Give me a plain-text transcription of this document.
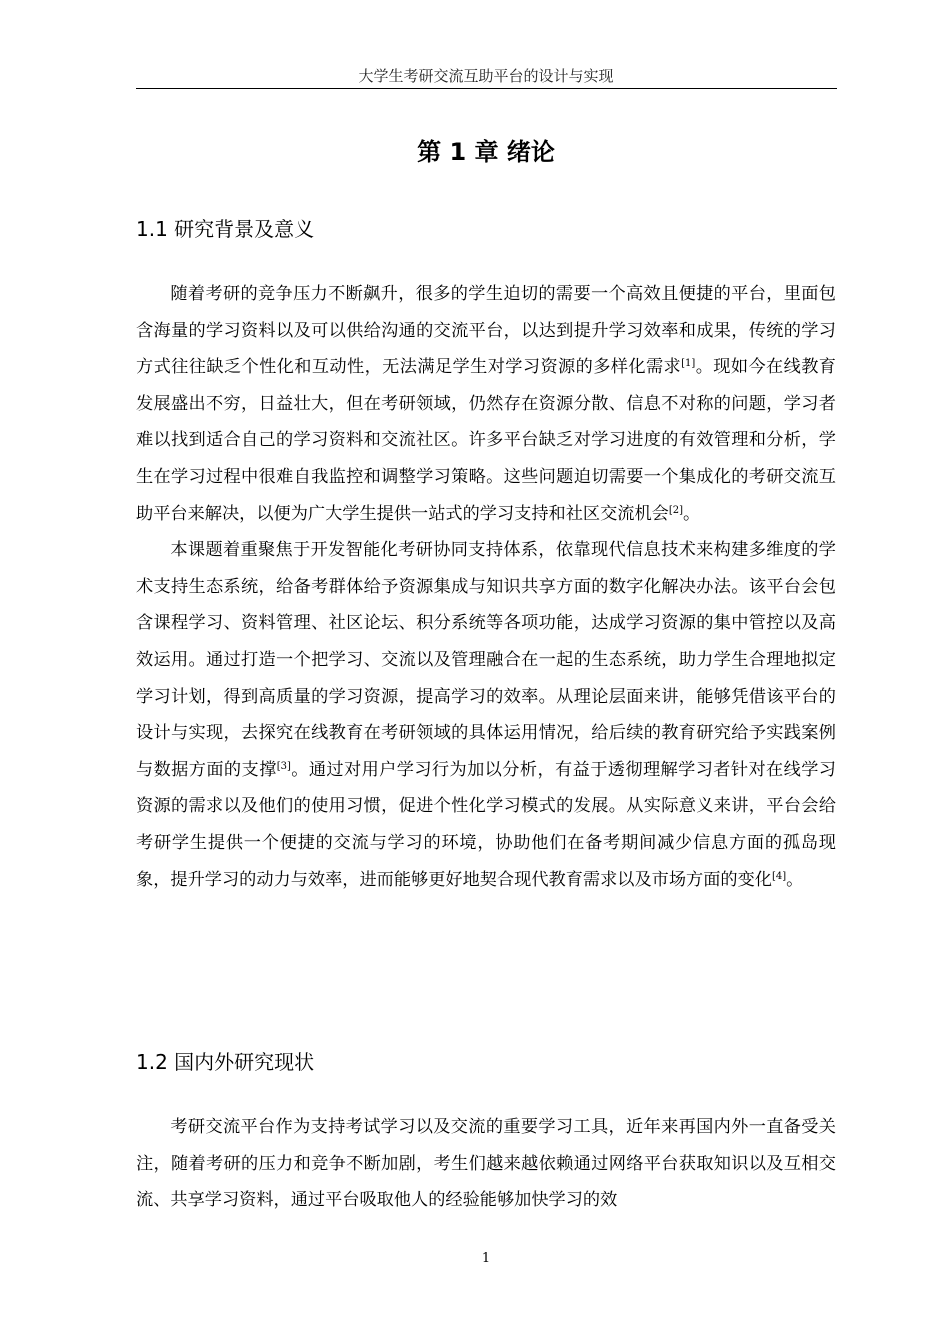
大学生考研交流互助平台的设计与实现
第 1 章 绪论
1.1 研究背景及意义

随着考研的竞争压力不断飙升，很多的学生迫切的需要一个高效且便捷的平台，里面包含海量的学习资料以及可以供给沟通的交流平台，以达到提升学习效率和成果，传统的学习方式往往缺乏个性化和互动性，无法满足学生对学习资源的多样化需求[1]。现如今在线教育发展盛出不穷，日益壮大，但在考研领域，仍然存在资源分散、信息不对称的问题，学习者难以找到适合自己的学习资料和交流社区。许多平台缺乏对学习进度的有效管理和分析，学生在学习过程中很难自我监控和调整学习策略。这些问题迫切需要一个集成化的考研交流互助平台来解决，以便为广大学生提供一站式的学习支持和社区交流机会[2]。

本课题着重聚焦于开发智能化考研协同支持体系，依靠现代信息技术来构建多维度的学术支持生态系统，给备考群体给予资源集成与知识共享方面的数字化解决办法。该平台会包含课程学习、资料管理、社区论坛、积分系统等各项功能，达成学习资源的集中管控以及高效运用。通过打造一个把学习、交流以及管理融合在一起的生态系统，助力学生合理地拟定学习计划，得到高质量的学习资源，提高学习的效率。从理论层面来讲，能够凭借该平台的设计与实现，去探究在线教育在考研领域的具体运用情况，给后续的教育研究给予实践案例与数据方面的支撑[3]。通过对用户学习行为加以分析，有益于透彻理解学习者针对在线学习资源的需求以及他们的使用习惯，促进个性化学习模式的发展。从实际意义来讲，平台会给考研学生提供一个便捷的交流与学习的环境，协助他们在备考期间减少信息方面的孤岛现象，提升学习的动力与效率，进而能够更好地契合现代教育需求以及市场方面的变化[4]。

1.2 国内外研究现状

考研交流平台作为支持考试学习以及交流的重要学习工具，近年来再国内外一直备受关注，随着考研的压力和竞争不断加剧，考生们越来越依赖通过网络平台获取知识以及互相交流、共享学习资料，通过平台吸取他人的经验能够加快学习的效

1
